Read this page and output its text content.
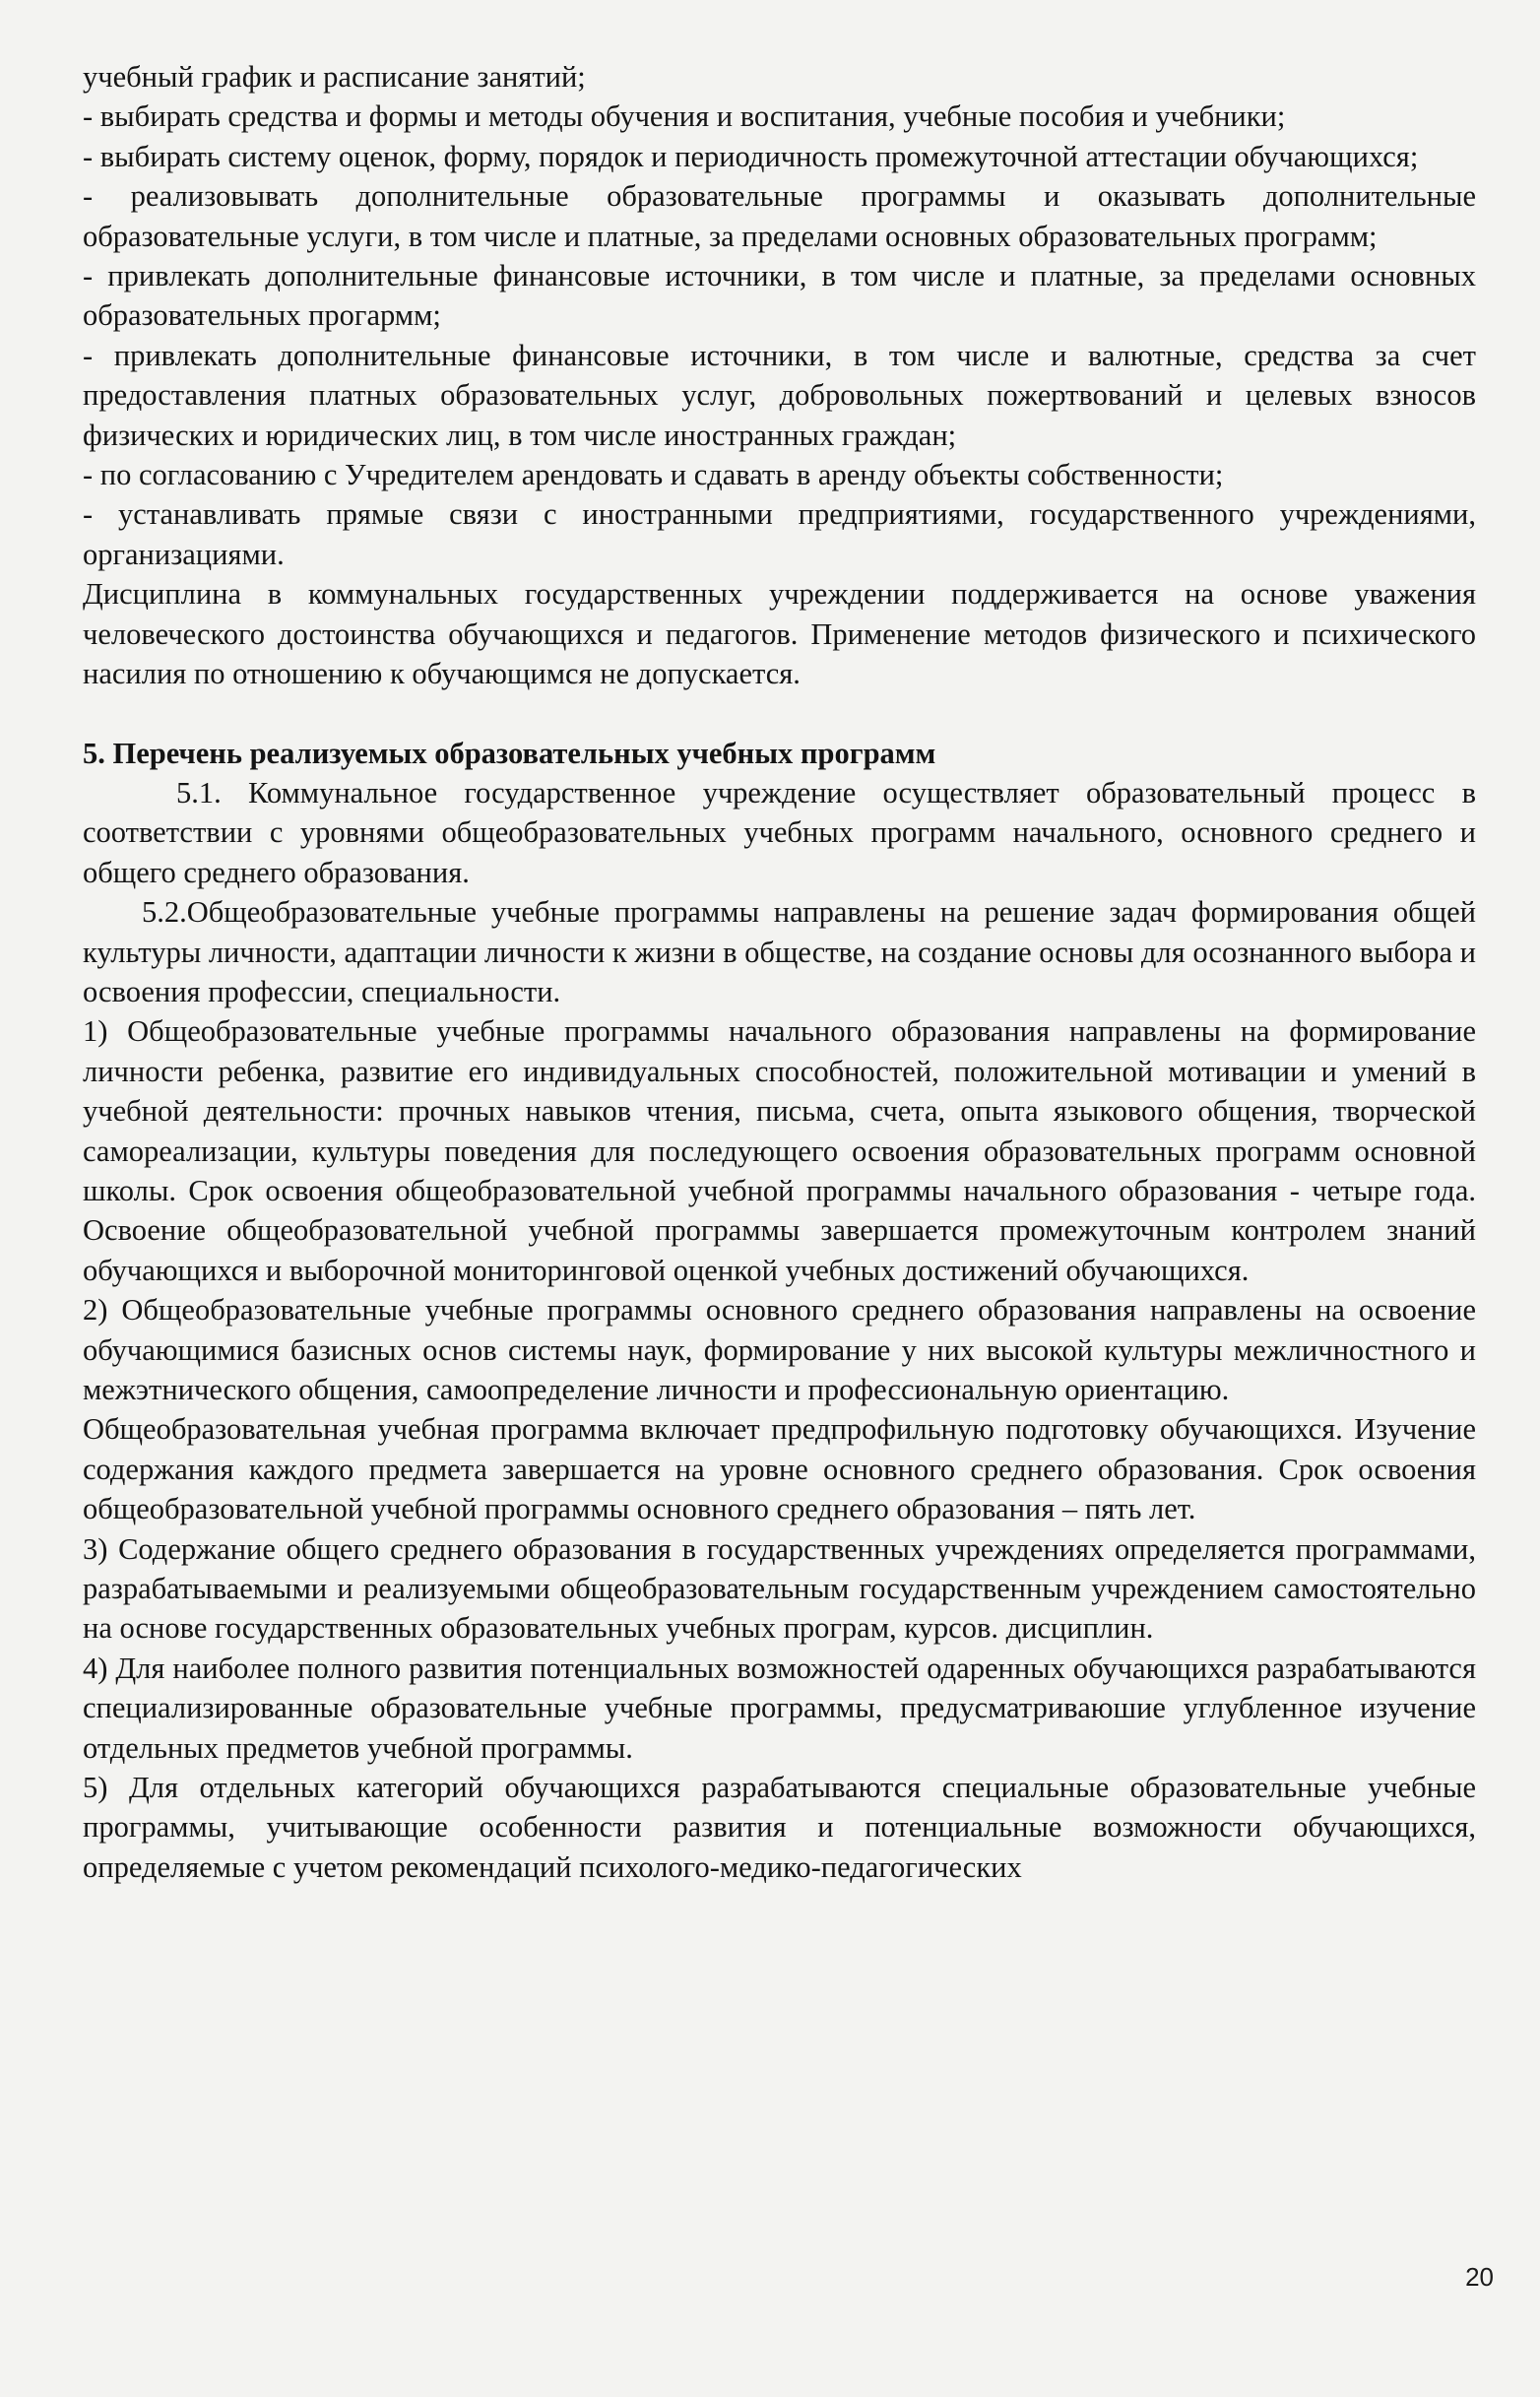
учебный график и расписание занятий;

- выбирать средства и формы и методы обучения и воспитания, учебные пособия и учебники;

- выбирать систему оценок, форму, порядок и периодичность промежуточной аттестации обучающихся;

- реализовывать дополнительные образовательные программы и оказывать дополнительные образовательные услуги, в том числе и платные, за пределами основных образовательных программ;

- привлекать дополнительные финансовые источники, в том числе и платные, за пределами основных образовательных прогармм;

- привлекать дополнительные финансовые источники, в том числе и валютные, средства за счет предоставления платных образовательных услуг, добровольных пожертвований и целевых взносов физических и юридических лиц, в том числе иностранных граждан;

- по согласованию с Учредителем арендовать и сдавать в аренду объекты собственности;

- устанавливать прямые связи с иностранными предприятиями, государственного учреждениями, организациями.

Дисциплина в коммунальных государственных учреждении поддерживается на основе уважения человеческого достоинства обучающихся и педагогов. Применение методов физического и психического насилия по отношению к обучающимся не допускается.

5. Перечень реализуемых образовательных учебных программ

5.1. Коммунальное государственное учреждение осуществляет образовательный процесс в соответствии с уровнями общеобразовательных учебных программ начального, основного среднего и общего среднего образования.

5.2.Общеобразовательные учебные программы направлены на решение задач формирования общей культуры личности, адаптации личности к жизни в обществе, на создание основы для осознанного выбора и освоения профессии, специальности.

1) Общеобразовательные учебные программы начального образования направлены на формирование личности ребенка, развитие его индивидуальных способностей, положительной мотивации и умений в учебной деятельности: прочных навыков чтения, письма, счета, опыта языкового общения, творческой самореализации, культуры поведения для последующего освоения образовательных программ основной школы. Срок освоения общеобразовательной учебной программы начального образования - четыре года. Освоение общеобразовательной учебной программы завершается промежуточным контролем знаний обучающихся и выборочной мониторинговой оценкой учебных достижений обучающихся.

2) Общеобразовательные учебные программы основного среднего образования направлены на освоение обучающимися базисных основ системы наук, формирование у них высокой культуры межличностного и межэтнического общения, самоопределение личности и профессиональную ориентацию.

Общеобразовательная учебная программа включает предпрофильную подготовку обучающихся. Изучение содержания каждого предмета завершается на уровне основного среднего образования. Срок освоения общеобразовательной учебной программы основного среднего образования – пять лет.

3) Содержание общего среднего образования в государственных учреждениях определяется программами, разрабатываемыми и реализуемыми общеобразовательным государственным учреждением самостоятельно на основе государственных образовательных учебных програм, курсов. дисциплин.

4) Для наиболее полного развития потенциальных возможностей одаренных обучающихся разрабатываются специализированные образовательные учебные программы, предусматриваюшие углубленное изучение отдельных предметов учебной программы.

5) Для отдельных категорий обучающихся разрабатываются специальные образовательные учебные программы, учитывающие особенности развития и потенциальные возможности обучающихся, определяемые с учетом рекомендаций психолого-медико-педагогических

20
